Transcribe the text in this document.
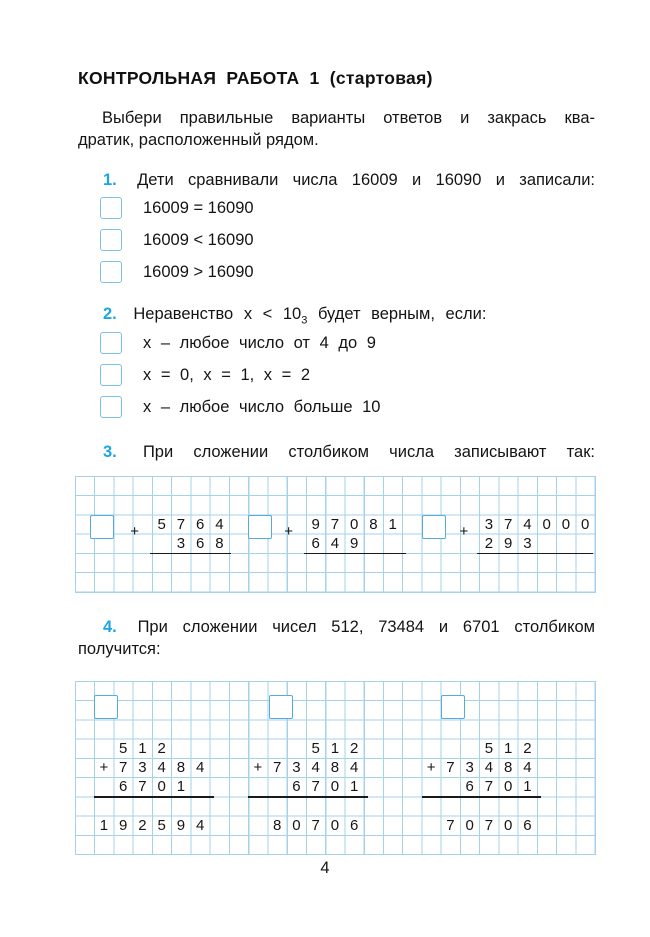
КОНТРОЛЬНАЯ РАБОТА 1 (стартовая)
Выбери правильные варианты ответов и закрась ква-
дратик, расположенный рядом.
1. Дети сравнивали числа 16009 и 16090 и записали:
16009 = 16090
16009 < 16090
16009 > 16090
2. Неравенство $х < 10_3$ будет верным, если:
х – любое число от 4 до 9
х = 0, х = 1, х = 2
х – любое число больше 10
3. При сложении столбиком числа записывают так:
+	5 7 6 4
3 6 8
+	9 7 0 8 1
6 4 9
+	3 7 4 0 0 0
2 9 3
4. При сложении чисел 512, 73484 и 6701 столбиком
получится:
+
5 1 2
7 3 4 8 4
6 7 0 1
1 9 2 5 9 4
+
5 1 2
7 3 4 8 4
6 7 0 1
8 0 7 0 6
+
5 1 2
7 3 4 8 4
6 7 0 1
7 0 7 0 6
4
